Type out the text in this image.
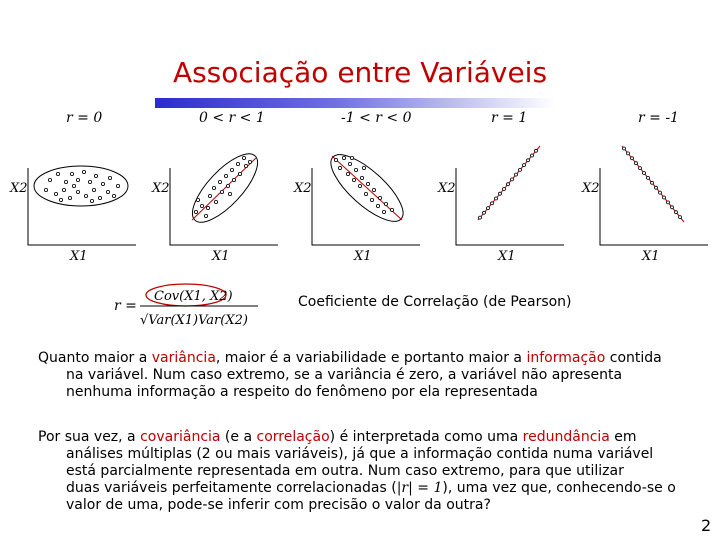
Associação entre Variáveis
r = 0	0 < r < 1	-1 < r < 0	r = 1	r = -1
X2
X1
X2
X1
X2
X1
X2
X1
X2
X1
r =
Cov(X1, X2)
√Var(X1)Var(X2)
Coeficiente de Correlação (de Pearson)
Quanto maior a variância, maior é a variabilidade e portanto maior a informação contida
na variável. Num caso extremo, se a variância é zero, a variável não apresenta
nenhuma informação a respeito do fenômeno por ela representada
Por sua vez, a covariância (e a correlação) é interpretada como uma redundância em
análises múltiplas (2 ou mais variáveis), já que a informação contida numa variável
está parcialmente representada em outra. Num caso extremo, para que utilizar
duas variáveis perfeitamente correlacionadas (|r| = 1), uma vez que, conhecendo-se o
valor de uma, pode-se inferir com precisão o valor da outra?
2
